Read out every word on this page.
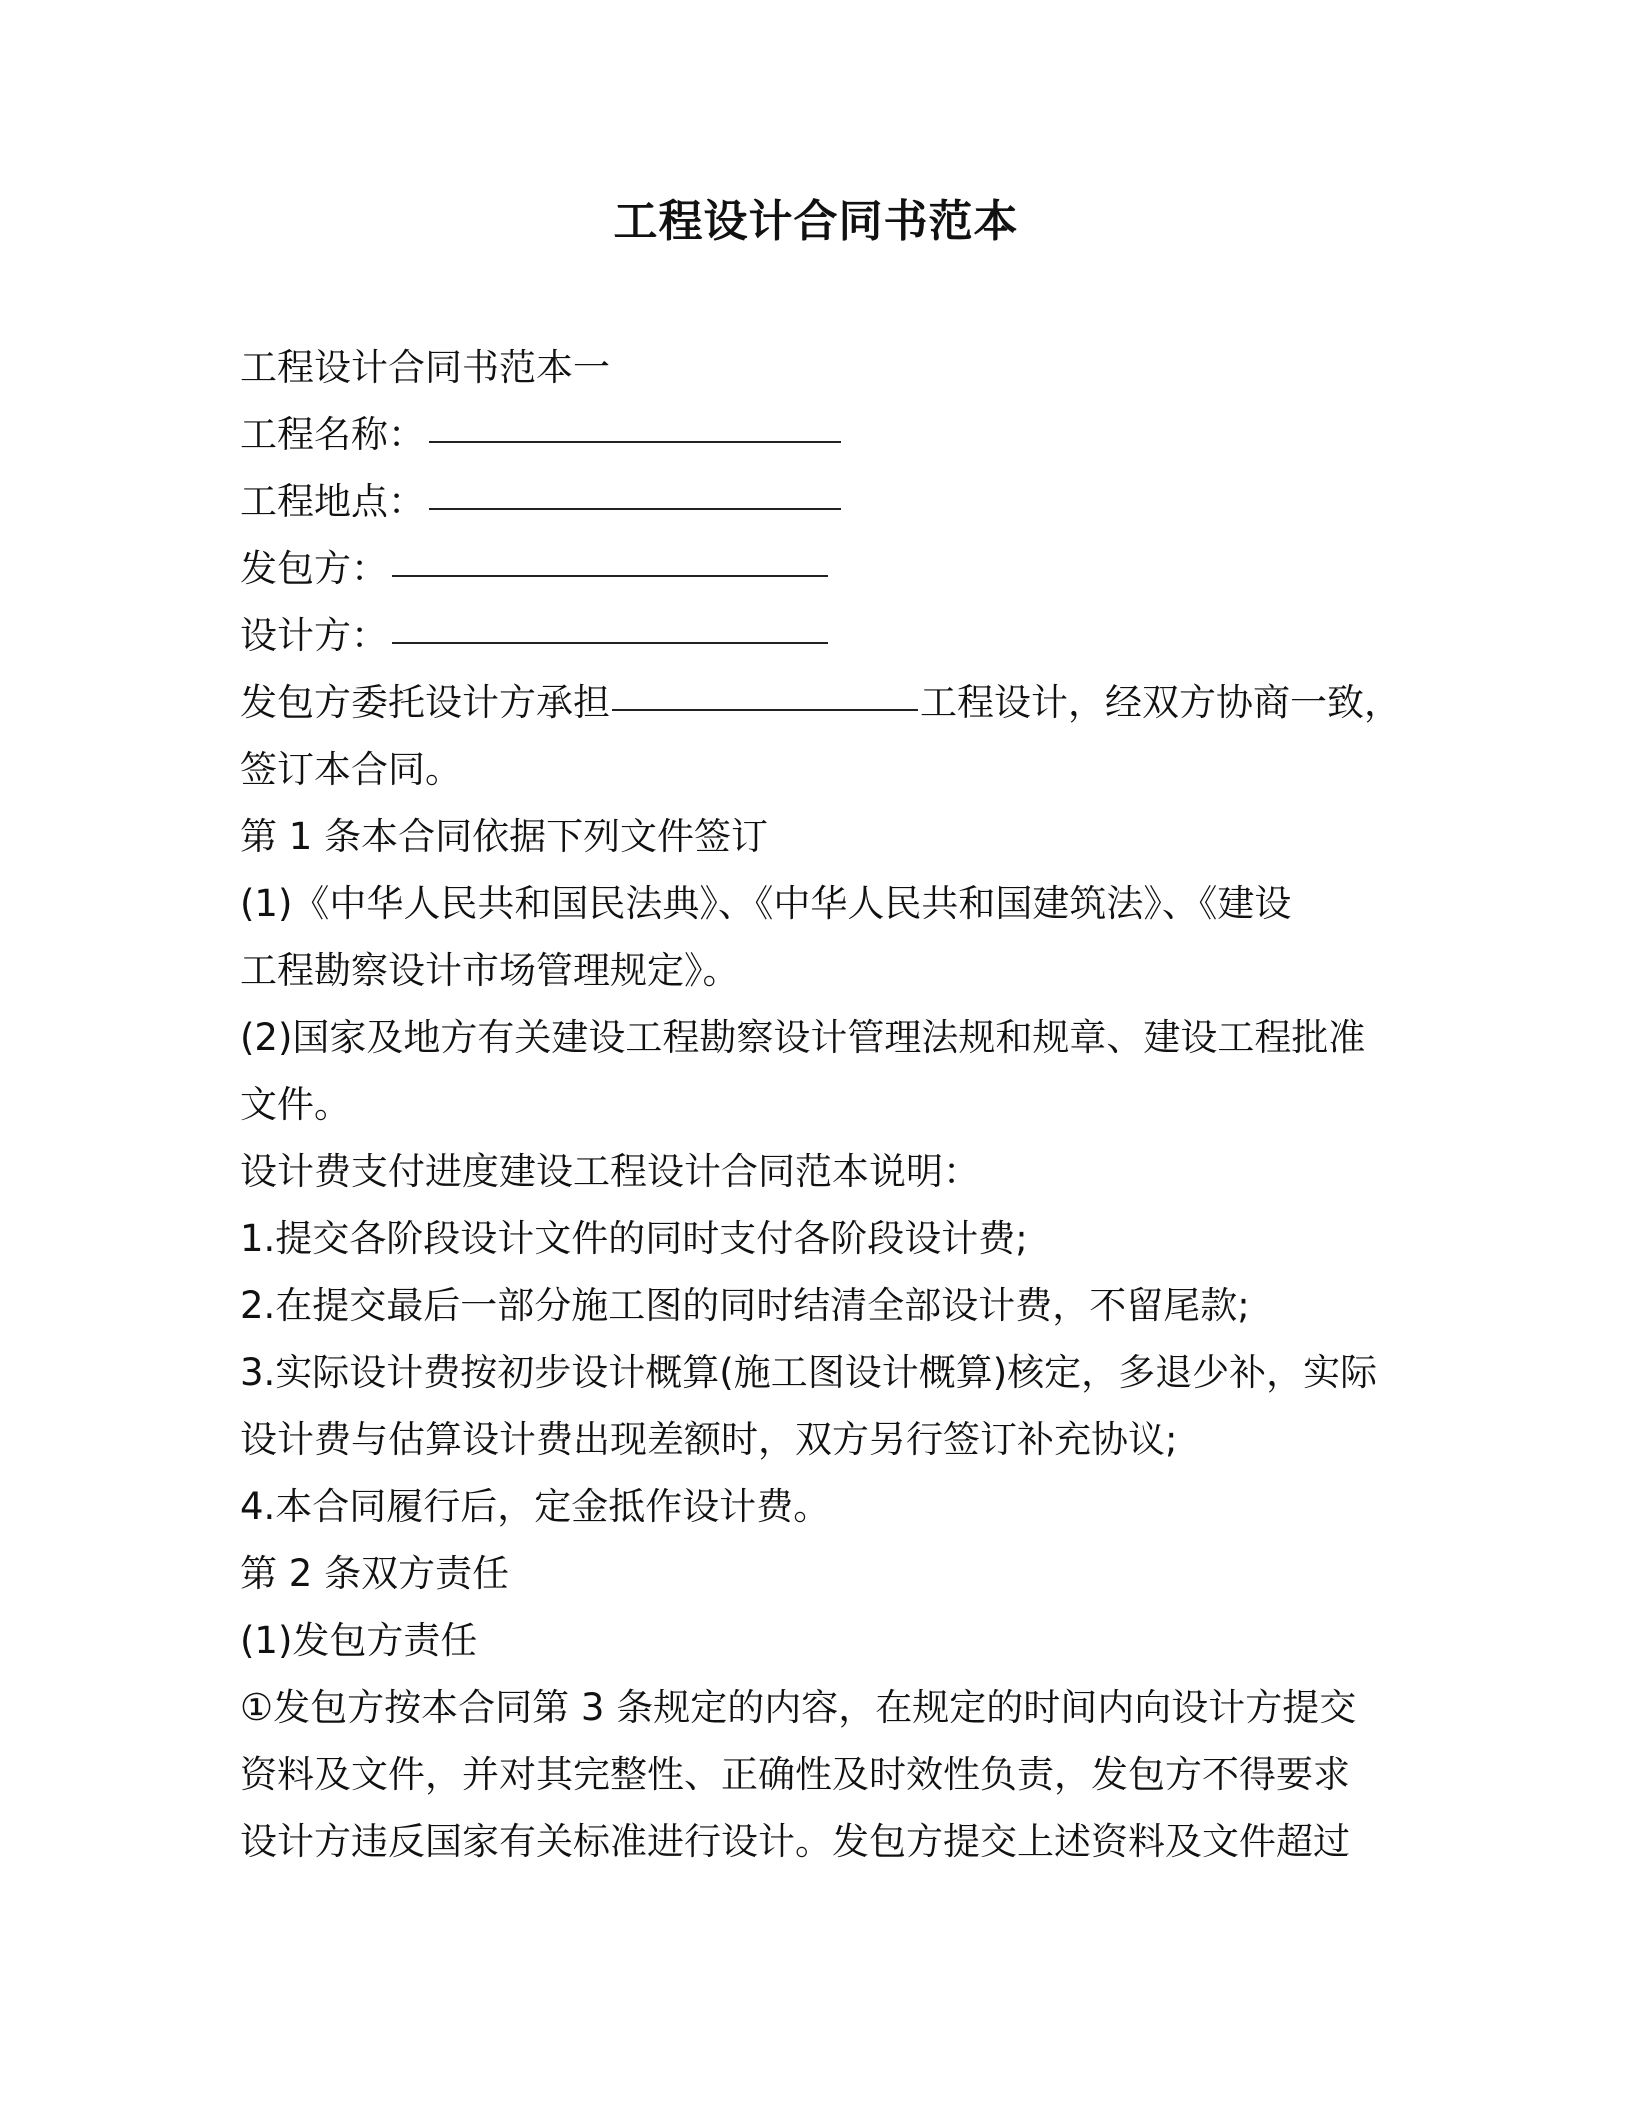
工程设计合同书范本

工程设计合同书范本一

工程名称：

工程地点：

发包方：

设计方：

发包方委托设计方承担	工程设计，经双方协商一致，

签订本合同。

第 1 条本合同依据下列文件签订

(1)《中华人民共和国民法典》、《中华人民共和国建筑法》、《建设

工程勘察设计市场管理规定》。

(2)国家及地方有关建设工程勘察设计管理法规和规章、建设工程批准

文件。

设计费支付进度建设工程设计合同范本说明：

1.提交各阶段设计文件的同时支付各阶段设计费;

2.在提交最后一部分施工图的同时结清全部设计费，不留尾款;

3.实际设计费按初步设计概算(施工图设计概算)核定，多退少补，实际

设计费与估算设计费出现差额时，双方另行签订补充协议;

4.本合同履行后，定金抵作设计费。

第 2 条双方责任

(1)发包方责任

①发包方按本合同第 3 条规定的内容，在规定的时间内向设计方提交

资料及文件，并对其完整性、正确性及时效性负责，发包方不得要求

设计方违反国家有关标准进行设计。发包方提交上述资料及文件超过
